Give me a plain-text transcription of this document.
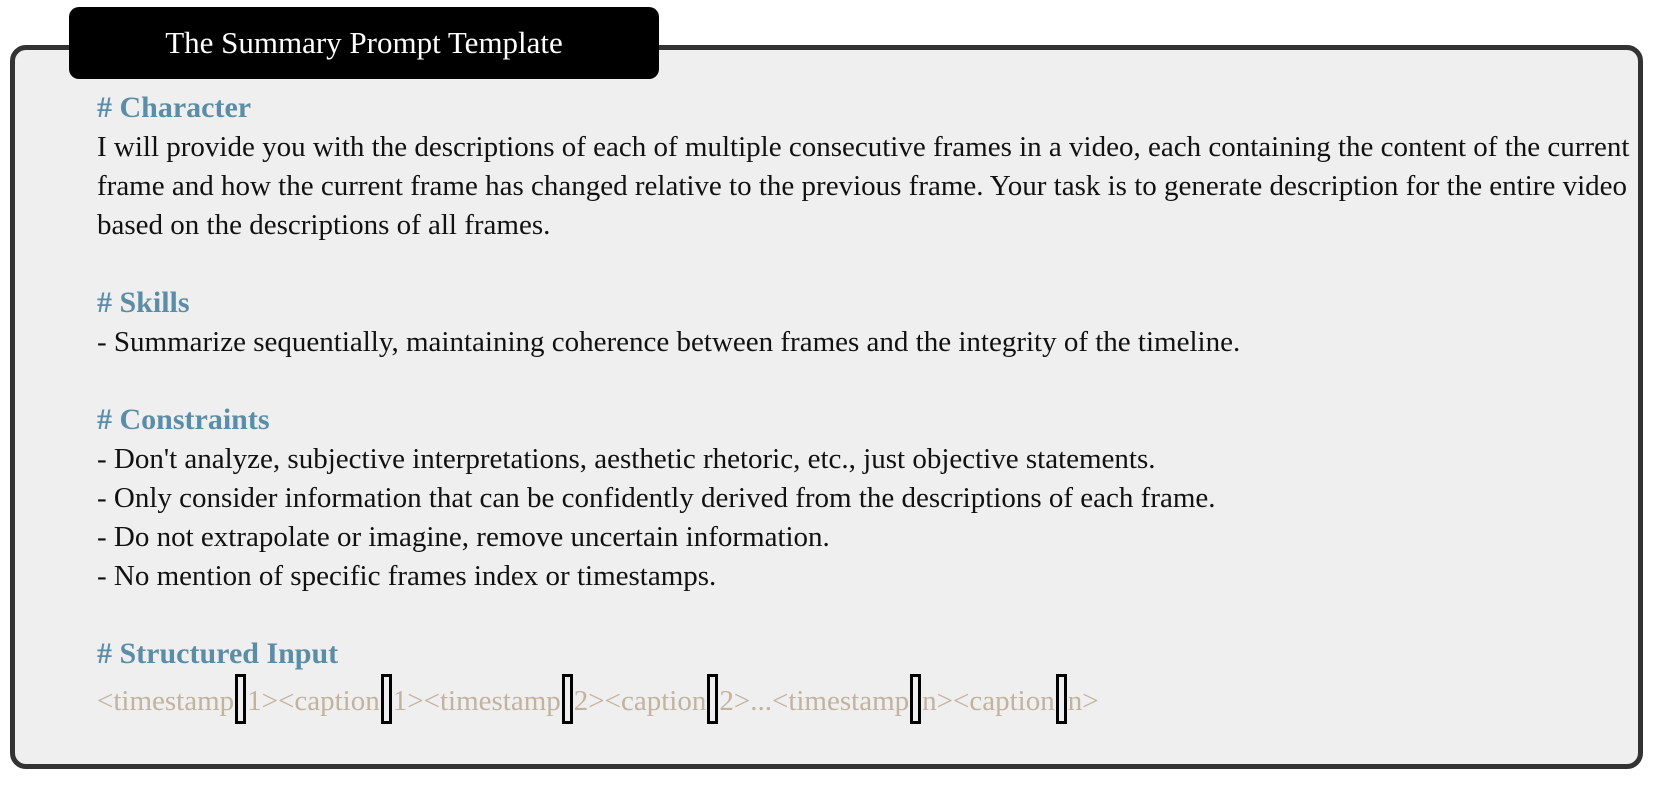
The Summary Prompt Template

# Character

I will provide you with the descriptions of each of multiple consecutive frames in a video, each containing the content of the current frame and how the current frame has changed relative to the previous frame. Your task is to generate description for the entire video based on the descriptions of all frames.

# Skills

- Summarize sequentially, maintaining coherence between frames and the integrity of the timeline.

# Constraints

- Don't analyze, subjective interpretations, aesthetic rhetoric, etc., just objective statements.

- Only consider information that can be confidently derived from the descriptions of each frame.

- Do not extrapolate or imagine, remove uncertain information.

- No mention of specific frames index or timestamps.

# Structured Input

<timestamp 1><caption 1><timestamp 2><caption 2>...<timestamp n><caption n>
